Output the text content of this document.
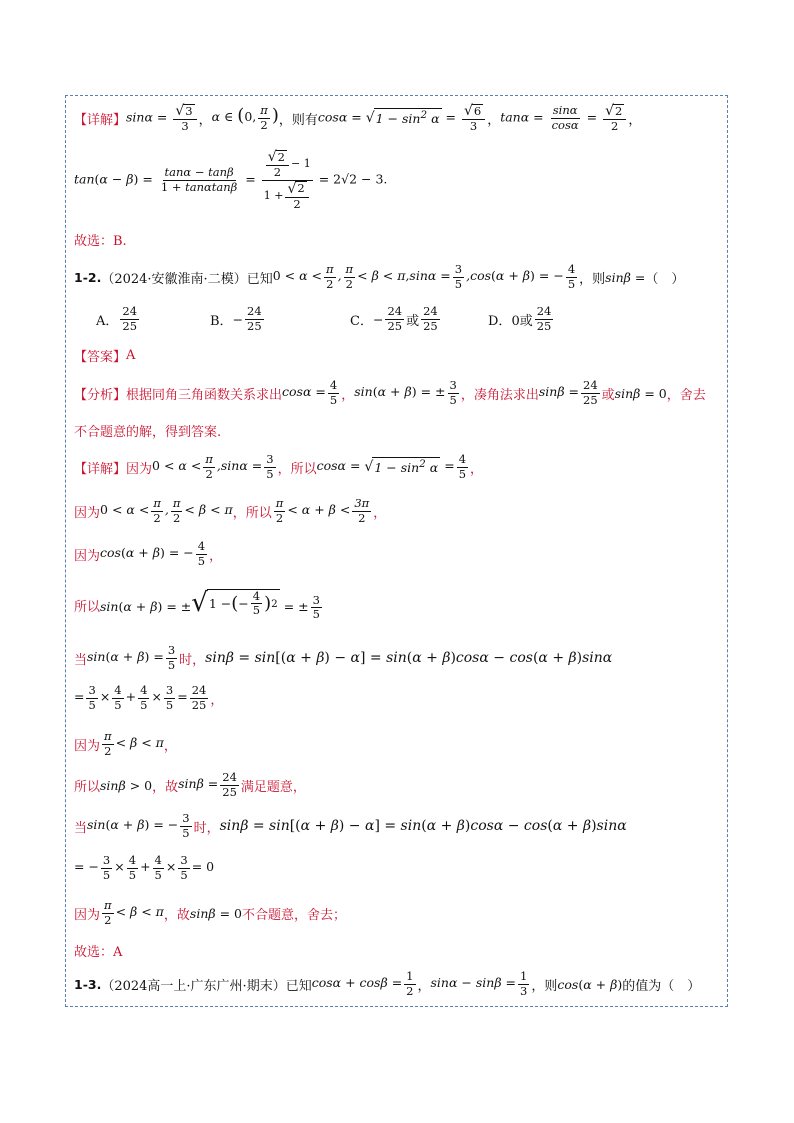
【详解】 $\sin\alpha = \frac{√ 3}{3}$ ， α ∈ (0, $\frac{\pi}{2}$ ) ，则有 cosα = √ $1 - \sin^2 \alpha = \frac{√ 6}{3}$ ， $\tan\alpha = \frac{\sin\alpha}{\cos\alpha} = \frac{√ 2}{2}$ ，
$\tan(\alpha - \beta) = \frac{\tan\alpha - \tan\beta}{1 + \tan\alpha\tan\beta} = \frac{\frac{√ 2}{2} - 1}{1 + \frac{√ 2}{2}} = 2√2 - 3$.
故选：B.
1-2. （2024·安徽淮南·二模）已知 $0 < \alpha < \frac{\pi}{2}$ , $\frac{\pi}{2} < \beta < \pi,\sin\alpha = \frac{3}{5} ,\cos(\alpha + \beta)$ = − $\frac{4}{5}$ ，则 sinβ = （　）
A． $\frac{24}{25}$	B． − $\frac{24}{25}$	C． − $\frac{24}{25}$ 或 $\frac{24}{25}$	D． 0或 $\frac{24}{25}$
【答案】 A
【分析】 根据同角三角函数关系求出 $\cos\alpha = \frac{4}{5}$ ， sin(α + β) = ± $\frac{3}{5}$ ，凑角法求出 $\sin\beta = \frac{24}{25}$ 或 sinβ = 0 ，舍去
不合题意的解，得到答案.
【详解】 因为 $0 < \alpha < \frac{\pi}{2} ,\sin\alpha = \frac{3}{5}$ ，所以 cosα = √ $1 - \sin^2 \alpha = \frac{4}{5}$ ，
因为 $0 < \alpha < \frac{\pi}{2}$ , $\frac{\pi}{2} < \beta < \pi$ ，所以 $\frac{\pi}{2} < \alpha + \beta < \frac{3\pi}{2}$ ，
因为 cos(α + β) = − $\frac{4}{5}$ ，
所以 sin(α + β) = ± √ 1 − ( − $\frac{4}{5}$ ) 2 = ± $\frac{3}{5}$
当 $\sin(\alpha + \beta) = \frac{3}{5}$ 时， sinβ = sin[(α + β) − α] = sin(α + β)cosα − cos(α + β)sinα
= $\frac{3}{5} \times \frac{4}{5} + \frac{4}{5} \times \frac{3}{5} = \frac{24}{25}$ ，
因为 $\frac{\pi}{2} < \beta < \pi$ ，
所以 sinβ > 0 ，故 $\sin\beta = \frac{24}{25}$ 满足题意，
当 sin(α + β) = − $\frac{3}{5}$ 时， sinβ = sin[(α + β) − α] = sin(α + β)cosα − cos(α + β)sinα
= − $\frac{3}{5} \times \frac{4}{5} + \frac{4}{5} \times \frac{3}{5} = 0$
因为 $\frac{\pi}{2} < \beta < \pi$ ，故 sinβ = 0 不合题意，舍去；
故选：A
1-3. （2024高一上·广东广州·期末）已知 $\cos\alpha + \cos\beta = \frac{1}{2}$ ， $\sin\alpha - \sin\beta = \frac{1}{3}$ ，则 cos(α + β) 的值为（　）
